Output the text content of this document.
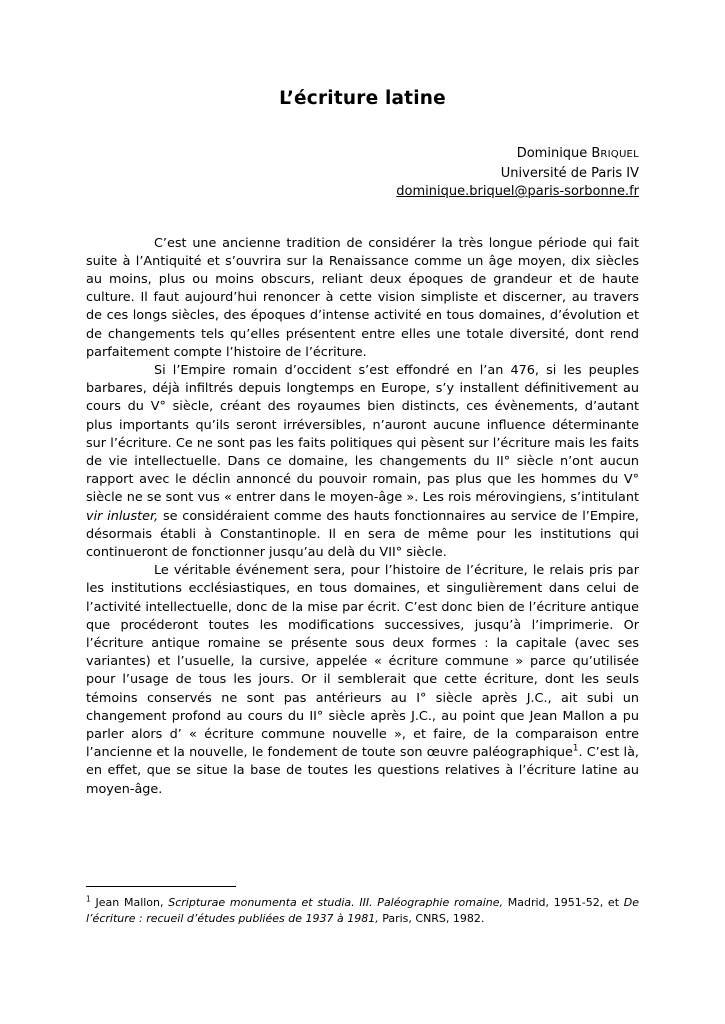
L’écriture latine
Dominique BRIQUEL
Université de Paris IV
dominique.briquel@paris-sorbonne.fr

C’est une ancienne tradition de considérer la très longue période qui fait suite à l’Antiquité et s’ouvrira sur la Renaissance comme un âge moyen, dix siècles au moins, plus ou moins obscurs, reliant deux époques de grandeur et de haute culture. Il faut aujourd’hui renoncer à cette vision simpliste et discerner, au travers de ces longs siècles, des époques d’intense activité en tous domaines, d’évolution et de changements tels qu’elles présentent entre elles une totale diversité, dont rend parfaitement compte l’histoire de l’écriture.

Si l’Empire romain d’occident s’est effondré en l’an 476, si les peuples barbares, déjà infiltrés depuis longtemps en Europe, s’y installent définitivement au cours du V° siècle, créant des royaumes bien distincts, ces évènements, d’autant plus importants qu’ils seront irréversibles, n’auront aucune influence déterminante sur l’écriture. Ce ne sont pas les faits politiques qui pèsent sur l’écriture mais les faits de vie intellectuelle. Dans ce domaine, les changements du II° siècle n’ont aucun rapport avec le déclin annoncé du pouvoir romain, pas plus que les hommes du V° siècle ne se sont vus « entrer dans le moyen-âge ». Les rois mérovingiens, s’intitulant vir inluster, se considéraient comme des hauts fonctionnaires au service de l’Empire, désormais établi à Constantinople. Il en sera de même pour les institutions qui continueront de fonctionner jusqu’au delà du VII° siècle.

Le véritable événement sera, pour l’histoire de l’écriture, le relais pris par les institutions ecclésiastiques, en tous domaines, et singulièrement dans celui de l’activité intellectuelle, donc de la mise par écrit. C’est donc bien de l’écriture antique que procéderont toutes les modifications successives, jusqu’à l’imprimerie. Or l’écriture antique romaine se présente sous deux formes : la capitale (avec ses variantes) et l’usuelle, la cursive, appelée « écriture commune » parce qu’utilisée pour l’usage de tous les jours. Or il semblerait que cette écriture, dont les seuls témoins conservés ne sont pas antérieurs au I° siècle après J.C., ait subi un changement profond au cours du II° siècle après J.C., au point que Jean Mallon a pu parler alors d’ « écriture commune nouvelle », et faire, de la comparaison entre l’ancienne et la nouvelle, le fondement de toute son œuvre paléographique$^1$. C’est là, en effet, que se situe la base de toutes les questions relatives à l’écriture latine au moyen-âge.

$^1$ Jean Mallon, Scripturae monumenta et studia. III. Paléographie romaine, Madrid, 1951-52, et De l’écriture : recueil d’études publiées de 1937 à 1981, Paris, CNRS, 1982.
